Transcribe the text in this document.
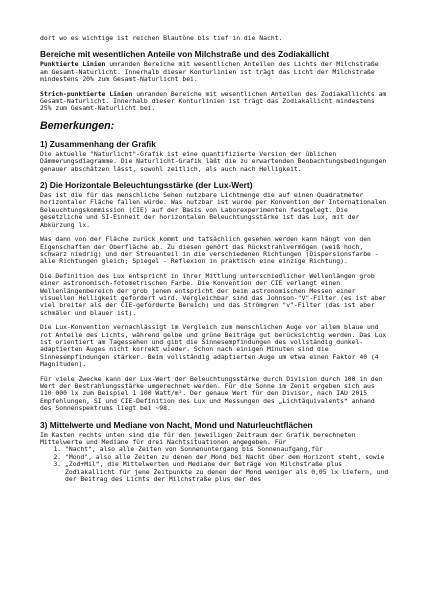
dort wo es wichtige ist reichen Blautöne bis tief in die Nacht.

Bereiche mit wesentlichen Anteile von Milchstraße und des Zodiakallicht

Punktierte Linien umranden Bereiche mit wesentlichen Anteilen des Lichts der Milchstraße am Gesamt-Naturlicht. Innerhalb dieser Konturlinien ist trägt das Licht der Milchstraße mindestens 20% zum Gesamt-Naturlicht bei.

Strich-punktierte Linien umranden Bereiche mit wesentlichen Anteilen des Zodiakallichts am Gesamt-Naturlicht. Innerhalb dieser Konturlinien ist trägt das Zodiakallicht mindestens 25% zum Gesamt-Naturlicht bei.

Bemerkungen:
1) Zusammenhang der Grafik

Die aktuelle "Naturlicht"-Grafik ist eine quantifizierte Version der üblichen Dämmerungsdiagramme. Die Naturlicht-Grafik läßt die zu erwartenden Beobachtungsbedingungen genauer abschätzen lässt, sowohl zeitlich, als auch nach Helligkeit.

2) Die Horizontale Beleuchtungsstärke (der Lux-Wert)

Das ist die für das menschliche Sehen nutzbare Lichtmenge die auf einen Quadratmeter horizontaler Fläche fallen würde. Was nutzbar ist wurde per Konvention der Internationalen Beleuchtungskommission (CIE) auf der Basis von Laborexperimenten festgelegt. Die gesetzliche und SI-Einheit der horizontalen Beleuchtungsstärke ist das Lux, mit der Abkürzung lx.

Was dann von der Fläche zurück kommt und tatsächlich gesehen werden kann hängt von den Eigenschaften der Oberfläche ab. Zu diesen gehört das Rückstrahlvermögen (weiß hoch, schwarz niedrig) und der Streuanteil in die verschiedenen Richtungen (Dispersionsfarbe - alle Richtungen gleich; Spiegel - Reflexion in praktisch eine einzige Richtung).

Die Definition des Lux entspricht in ihrer Mittlung unterschiedlicher Wellenlängen grob einer astronomisch-fotometrischen Farbe. Die Konvention der CIE verlangt einen Wellenlängenbereich der grob jenem entspricht der beim astronomischen Messen einer visuellen Helligkeit gefordert wird. Vergleichbar sind das Johnson-"V"-Filter (es ist aber viel breiter als der CIE-geforderte Bereich) und das Strömgren "v"-Filter (das ist aber schmäler und blauer ist).

Die Lux-Konvention vernachlässigt im Vergleich zum menschlichen Auge vor allem blaue und rot Anteile des Lichts, während gelbe und grüne Beiträge gut berücksichtig werden. Das Lux ist orientiert am Tagessehen und gibt die Sinnesempfindungen des vollständig dunkel-adaptierten Auges nicht korrekt wieder. Schon nach einigen Minuten sind die Sinnesempfindungen stärker. Beim vollständig adaptierten Auge um etwa einen Faktor 40 (4 Magnituden).

Für viele Zwecke kann der Lux-Wert der Beleuchtungsstärke durch Division durch 100 in den Wert der Bestrahlungsstärke umgerechnet werden. Für die Sonne im Zenit ergeben sich aus 110 000 lx zum Beispiel 1 100 Watt/m². Der genaue Wert für den Divisor, nach IAU 2015 Empfehlungen, SI und CIE-Definition des Lux und Messungen des „Lichtäquivalents“ anhand des Sonnenspektrums liegt bei ~98.

3) Mittelwerte und Mediane von Nacht, Mond und Naturleuchtflächen

Im Kasten rechts unten sind die für den jeweiligen Zeitraum der Grafik berechneten Mittelwerte und Mediane für drei Nachtsituationen angegeben. Für

1. "Nacht", also alle Zeiten von Sonnenuntergang bis Sonnenaufgang,für
2. "Mond", also alle Zeiten zu denen der Mond bei Nacht über dem Horizont steht, sowie
3. „Zod+Mil“, die Mittelwerten und Mediane der Beträge von Milchstraße plus Zodiakallicht für jene Zeitpunkte zu denen der Mond weniger als 0,05 lx liefern, und der Beitrag des Lichts der Milchstraße plus der des
